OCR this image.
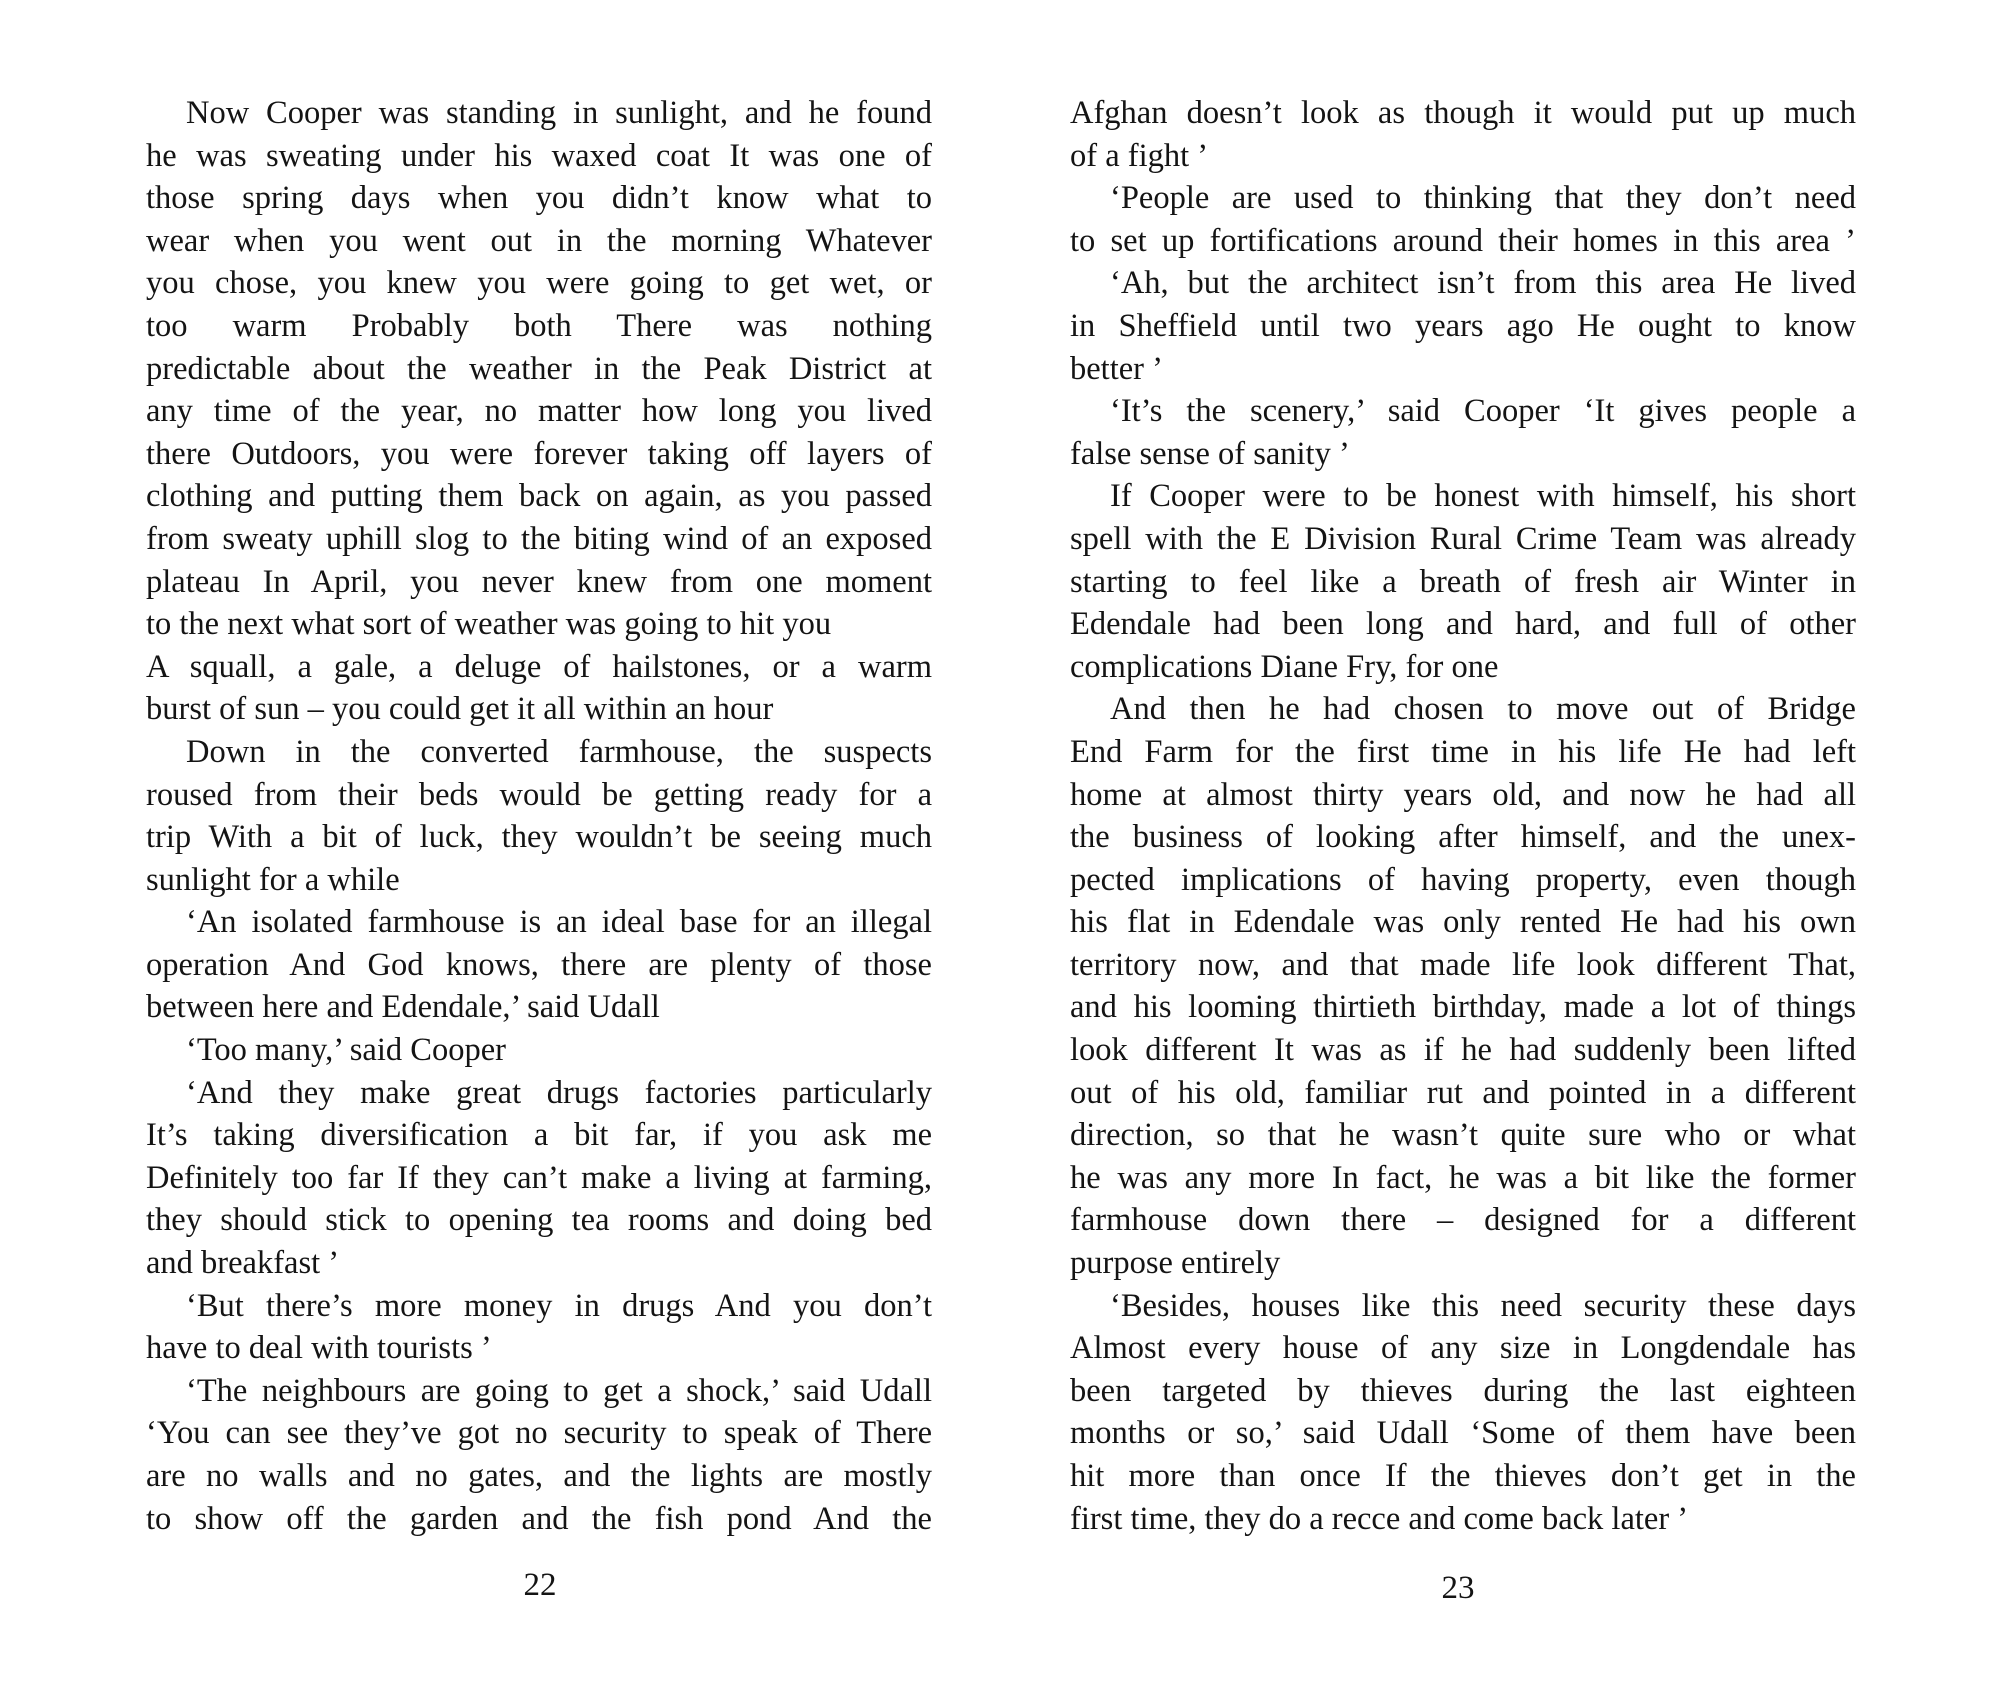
Now Cooper was standing in sunlight, and he found
he was sweating under his waxed coat It was one of
those spring days when you didn’t know what to
wear when you went out in the morning Whatever
you chose, you knew you were going to get wet, or
too warm Probably both There was nothing
predictable about the weather in the Peak District at
any time of the year, no matter how long you lived
there Outdoors, you were forever taking off layers of
clothing and putting them back on again, as you passed
from sweaty uphill slog to the biting wind of an exposed
plateau In April, you never knew from one moment
to the next what sort of weather was going to hit you
A squall, a gale, a deluge of hailstones, or a warm
burst of sun – you could get it all within an hour
Down in the converted farmhouse, the suspects
roused from their beds would be getting ready for a
trip With a bit of luck, they wouldn’t be seeing much
sunlight for a while
‘An isolated farmhouse is an ideal base for an illegal
operation And God knows, there are plenty of those
between here and Edendale,’ said Udall
‘Too many,’ said Cooper
‘And they make great drugs factories particularly
It’s taking diversification a bit far, if you ask me
Definitely too far If they can’t make a living at farming,
they should stick to opening tea rooms and doing bed
and breakfast ’
‘But there’s more money in drugs And you don’t
have to deal with tourists ’
‘The neighbours are going to get a shock,’ said Udall
‘You can see they’ve got no security to speak of There
are no walls and no gates, and the lights are mostly
to show off the garden and the fish pond And the
Afghan doesn’t look as though it would put up much
of a fight ’
‘People are used to thinking that they don’t need
to set up fortifications around their homes in this area ’
‘Ah, but the architect isn’t from this area He lived
in Sheffield until two years ago He ought to know
better ’
‘It’s the scenery,’ said Cooper ‘It gives people a
false sense of sanity ’
If Cooper were to be honest with himself, his short
spell with the E Division Rural Crime Team was already
starting to feel like a breath of fresh air Winter in
Edendale had been long and hard, and full of other
complications Diane Fry, for one
And then he had chosen to move out of Bridge
End Farm for the first time in his life He had left
home at almost thirty years old, and now he had all
the business of looking after himself, and the unex-
pected implications of having property, even though
his flat in Edendale was only rented He had his own
territory now, and that made life look different That,
and his looming thirtieth birthday, made a lot of things
look different It was as if he had suddenly been lifted
out of his old, familiar rut and pointed in a different
direction, so that he wasn’t quite sure who or what
he was any more In fact, he was a bit like the former
farmhouse down there – designed for a different
purpose entirely
‘Besides, houses like this need security these days
Almost every house of any size in Longdendale has
been targeted by thieves during the last eighteen
months or so,’ said Udall ‘Some of them have been
hit more than once If the thieves don’t get in the
first time, they do a recce and come back later ’
22	23
